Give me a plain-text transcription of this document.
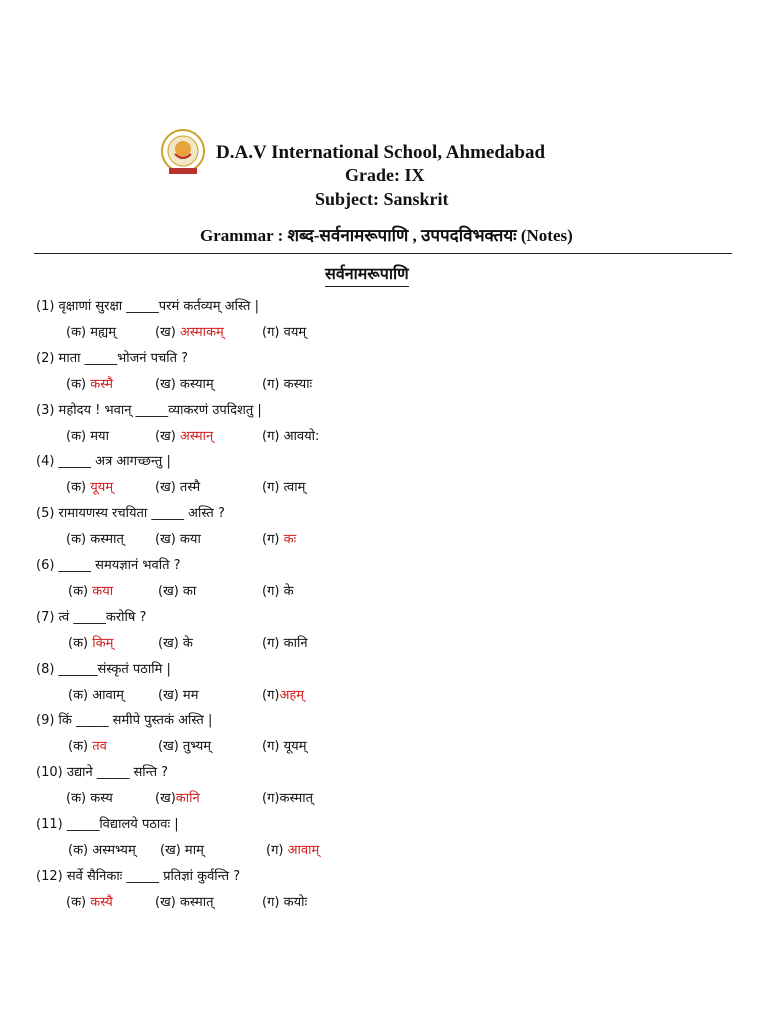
D.A.V International School, Ahmedabad
Grade: IX
Subject: Sanskrit
Grammar : शब्द-सर्वनामरूपाणि , उपपदविभक्तयः (Notes)
सर्वनामरूपाणि
(1) वृक्षाणां सुरक्षा _____परमं कर्तव्यम् अस्ति |
(क) मह्यम्	(ख) अस्माकम्	(ग) वयम्
(2) माता _____भोजनं पचति ?
(क) कस्मै	(ख) कस्याम्	(ग) कस्याः
(3) महोदय ! भवान् _____व्याकरणं उपदिशतु |
(क) मया	(ख) अस्मान्	(ग) आवयो:
(4) _____ अत्र आगच्छन्तु |
(क) यूयम्	(ख) तस्मै	(ग) त्वाम्
(5) रामायणस्य रचयिता _____ अस्ति ?
(क) कस्मात् (ख) कया	(ग) कः
(6) _____ समयज्ञानं भवति ?
(क) कया	(ख) का	(ग) के
(7) त्वं _____करोषि ?
(क) किम्	(ख) के	(ग) कानि
(8) ______संस्कृतं पठामि |
(क) आवाम्	(ख) मम	(ग)अहम्
(9) किं _____ समीपे पुस्तकं अस्ति |
(क) तव	(ख) तुभ्यम्	(ग) यूयम्
(10) उद्याने _____ सन्ति ?
(क) कस्य	(ख)कानि	(ग)कस्मात्
(11) _____विद्यालये पठावः |
(क) अस्मभ्यम् (ख) माम्	(ग) आवाम्
(12) सर्वे सैनिकाः _____ प्रतिज्ञां कुर्वन्ति ?
(क) कस्यै	(ख) कस्मात्	(ग) कयोः
